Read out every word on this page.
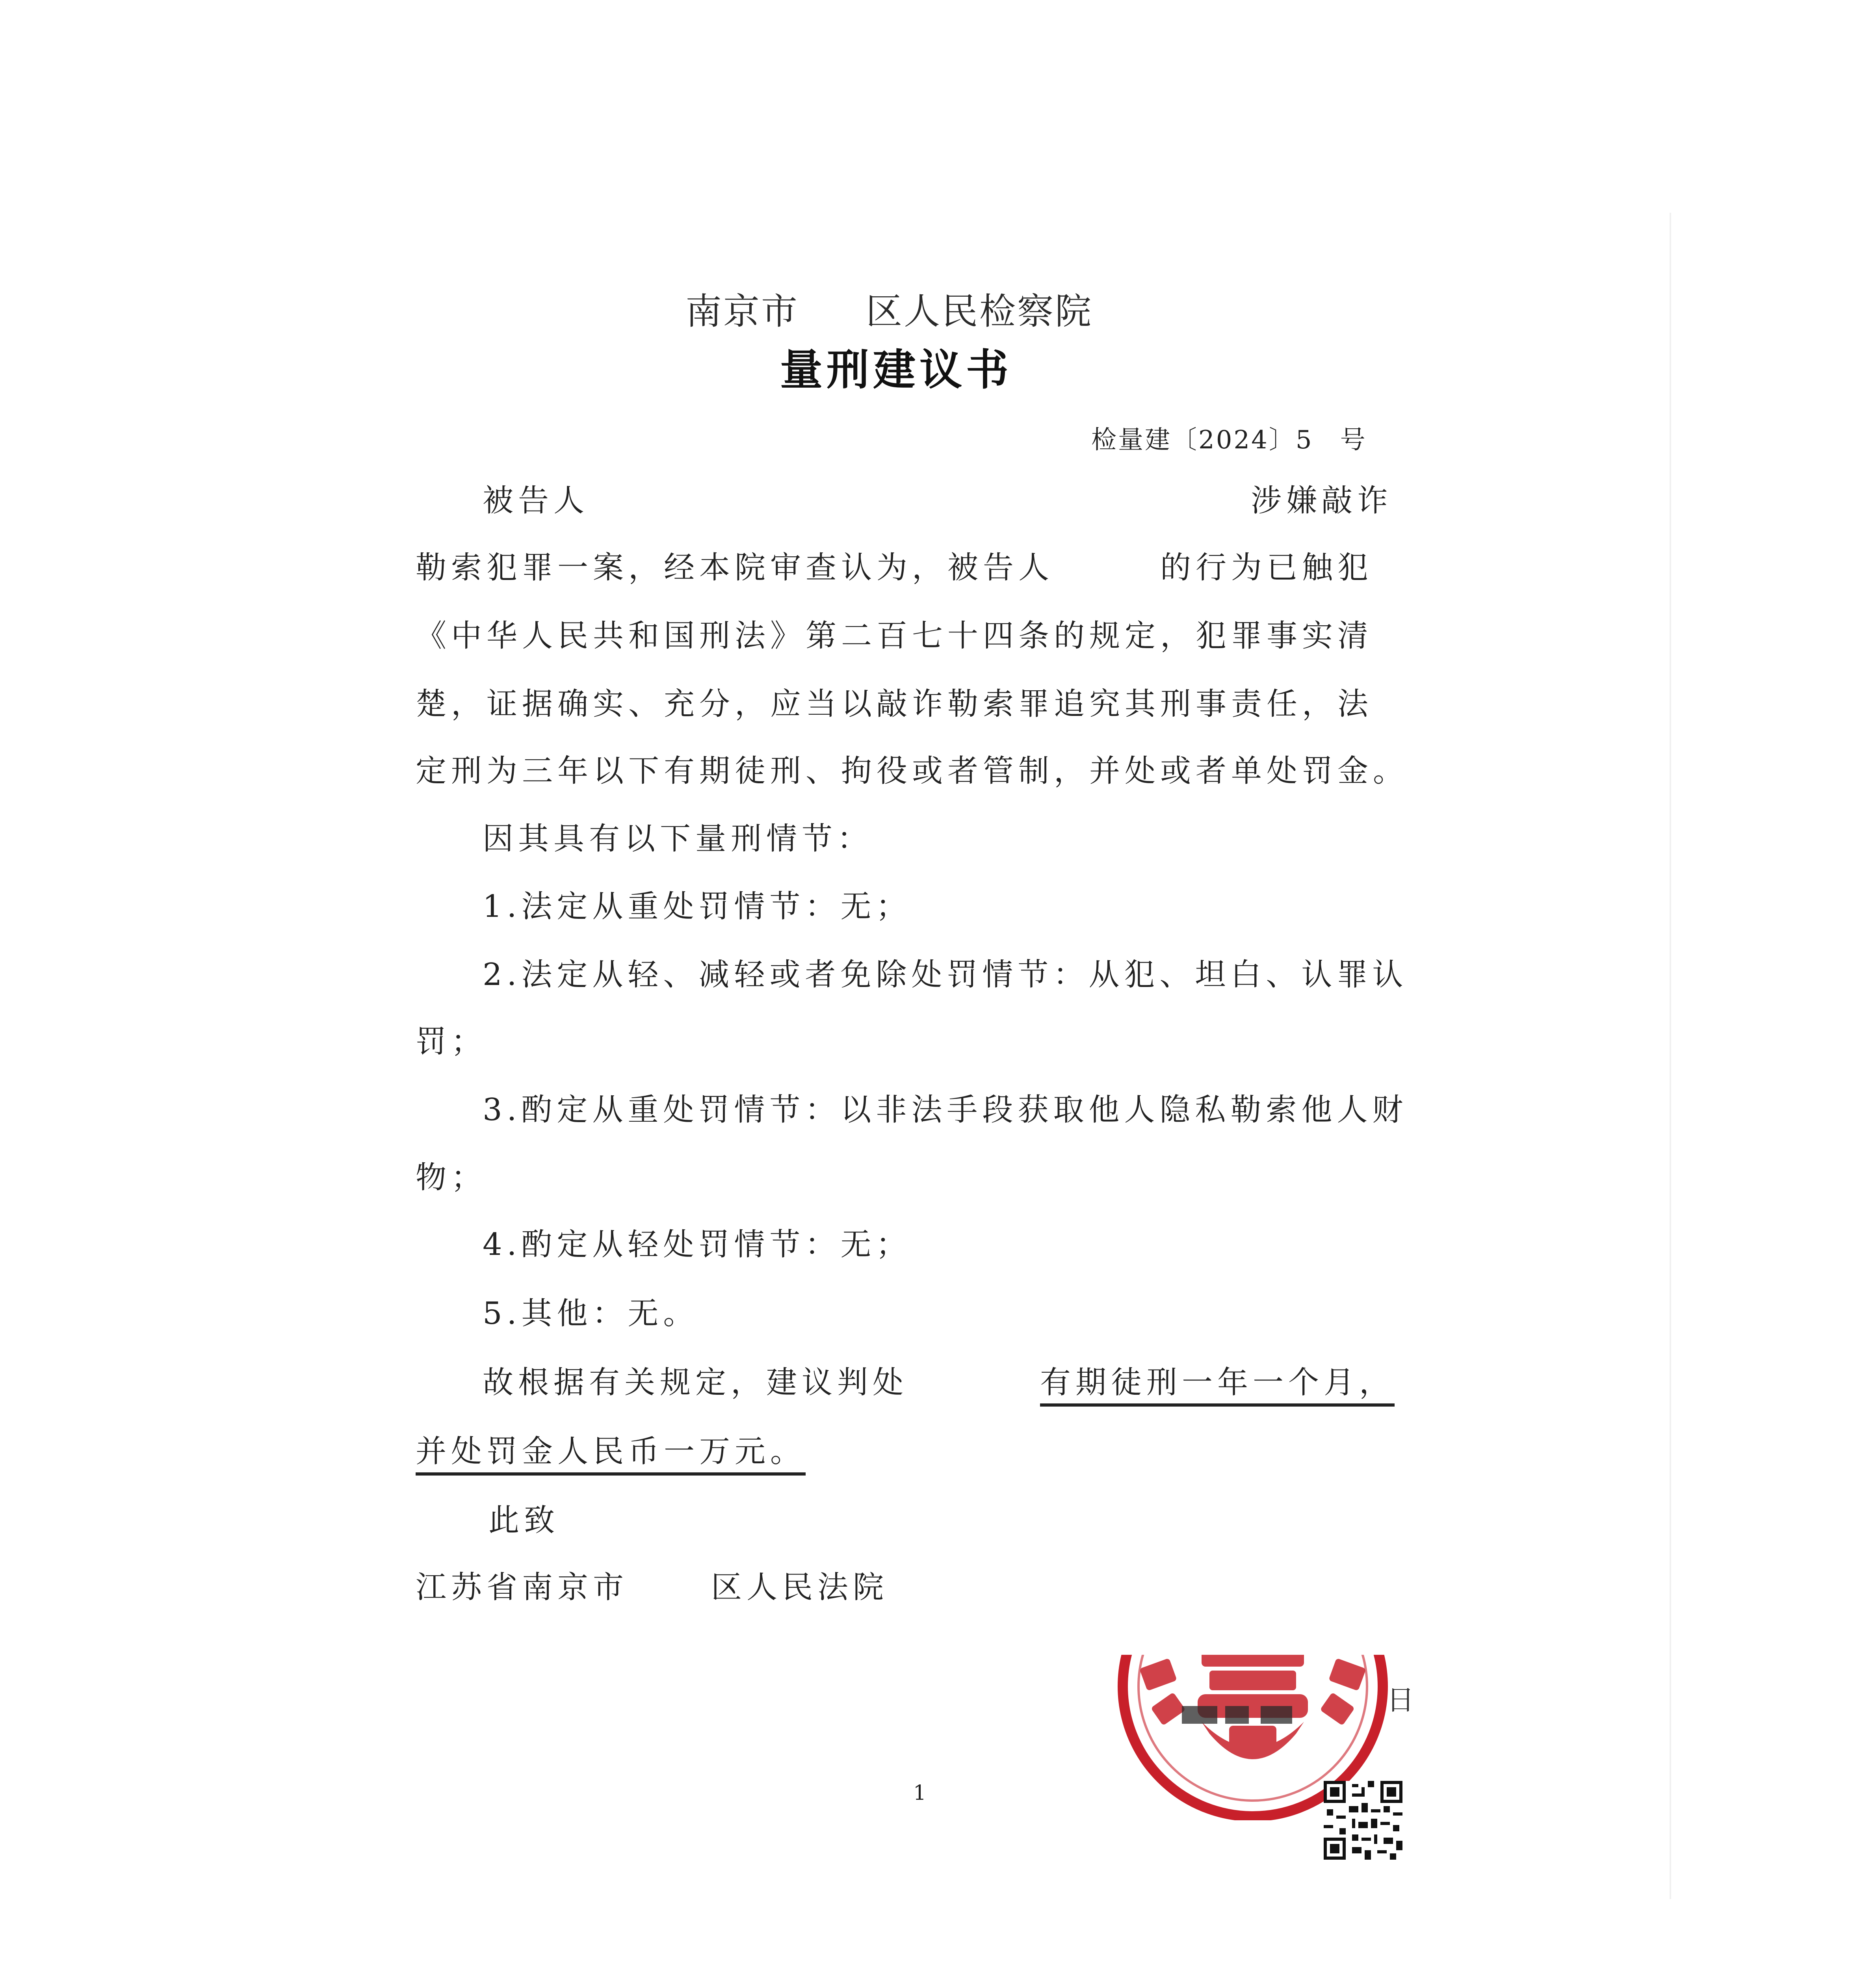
南京市 区人民检察院
量刑建议书
检量建〔2024〕5　号
被告人	涉嫌敲诈
勒索犯罪一案，经本院审查认为，被告人　　　的行为已触犯
《中华人民共和国刑法》第二百七十四条的规定，犯罪事实清
楚，证据确实、充分，应当以敲诈勒索罪追究其刑事责任，法
定刑为三年以下有期徒刑、拘役或者管制，并处或者单处罚金。
因其具有以下量刑情节：
1.法定从重处罚情节：无；
2.法定从轻、减轻或者免除处罚情节：从犯、坦白、认罪认
罚；
3.酌定从重处罚情节：以非法手段获取他人隐私勒索他人财
物；
4.酌定从轻处罚情节：无；
5.其他：无。
故根据有关规定，建议判处	有期徒刑一年一个月，
并处罚金人民币一万元。
此致
江苏省南京市	区人民法院
日
1
